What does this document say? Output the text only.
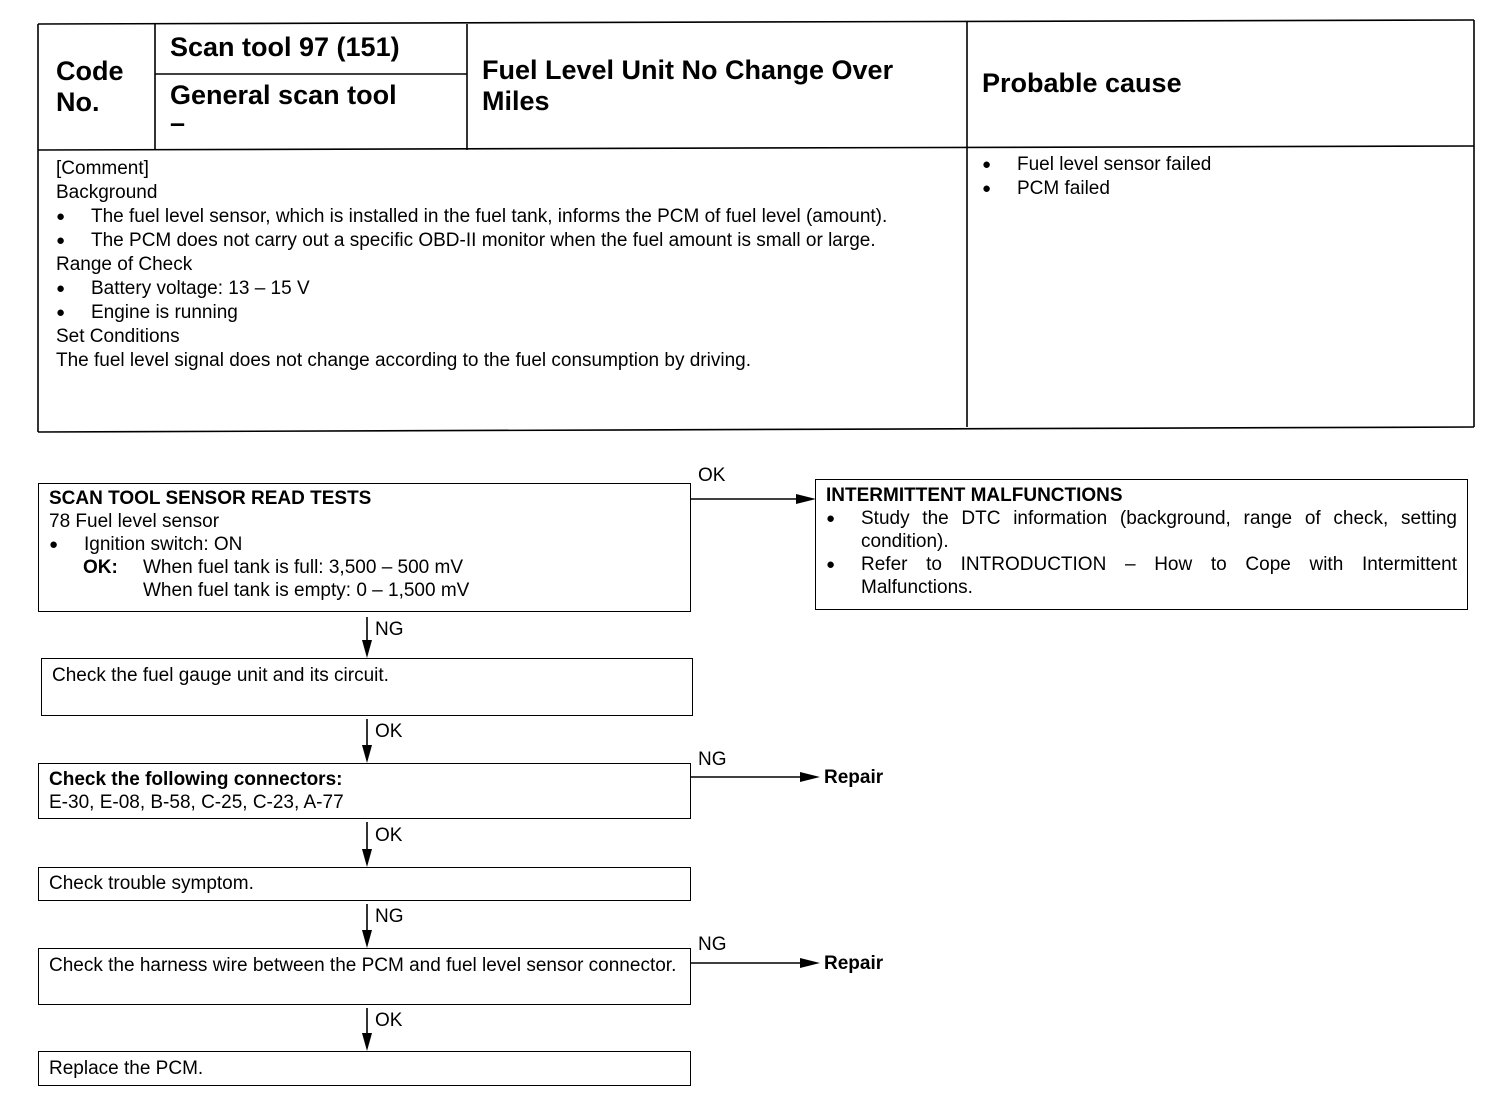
Code No.
Scan tool 97 (151)
General scan tool
–
Fuel Level Unit No Change Over Miles
Probable cause
[Comment]
Background
● The fuel level sensor, which is installed in the fuel tank, informs the PCM of fuel level (amount).
● The PCM does not carry out a specific OBD-II monitor when the fuel amount is small or large.
Range of Check
● Battery voltage: 13 – 15 V
● Engine is running
Set Conditions
The fuel level signal does not change according to the fuel consumption by driving.
● Fuel level sensor failed
● PCM failed
SCAN TOOL SENSOR READ TESTS
78 Fuel level sensor
● Ignition switch: ON
OK: When fuel tank is full: 3,500 – 500 mV
When fuel tank is empty: 0 – 1,500 mV
INTERMITTENT MALFUNCTIONS
● Study the DTC information (background, range of check, setting condition).
● Refer to INTRODUCTION – How to Cope with Intermittent Malfunctions.
Check the fuel gauge unit and its circuit.
Check the following connectors:
E-30, E-08, B-58, C-25, C-23, A-77
Check trouble symptom.
Check the harness wire between the PCM and fuel level sensor connector.
Replace the PCM.
OK
NG
OK
NG
Repair
OK
NG
NG
Repair
OK
